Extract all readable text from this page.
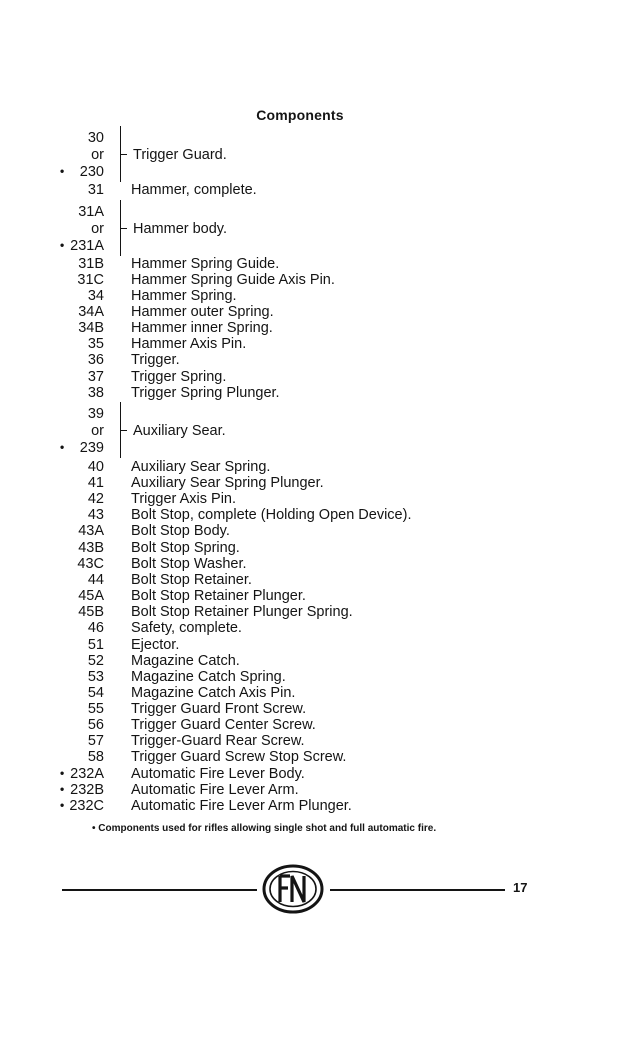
Components
30
or
•	230
Trigger Guard.
31 Hammer, complete.
31A
or
• 231A
Hammer body.
31B Hammer Spring Guide.
31C Hammer Spring Guide Axis Pin.
34 Hammer Spring.
34A Hammer outer Spring.
34B Hammer inner Spring.
35 Hammer Axis Pin.
36 Trigger.
37 Trigger Spring.
38 Trigger Spring Plunger.
39
or
•	239
Auxiliary Sear.
40 Auxiliary Sear Spring.
41 Auxiliary Sear Spring Plunger.
42 Trigger Axis Pin.
43 Bolt Stop, complete (Holding Open Device).
43A Bolt Stop Body.
43B Bolt Stop Spring.
43C Bolt Stop Washer.
44 Bolt Stop Retainer.
45A Bolt Stop Retainer Plunger.
45B Bolt Stop Retainer Plunger Spring.
46 Safety, complete.
51 Ejector.
52 Magazine Catch.
53 Magazine Catch Spring.
54 Magazine Catch Axis Pin.
55 Trigger Guard Front Screw.
56 Trigger Guard Center Screw.
57 Trigger-Guard Rear Screw.
58 Trigger Guard Screw Stop Screw.
• 232A Automatic Fire Lever Body.
• 232B Automatic Fire Lever Arm.
• 232C Automatic Fire Lever Arm Plunger.
• Components used for rifles allowing single shot and full automatic fire.
17
